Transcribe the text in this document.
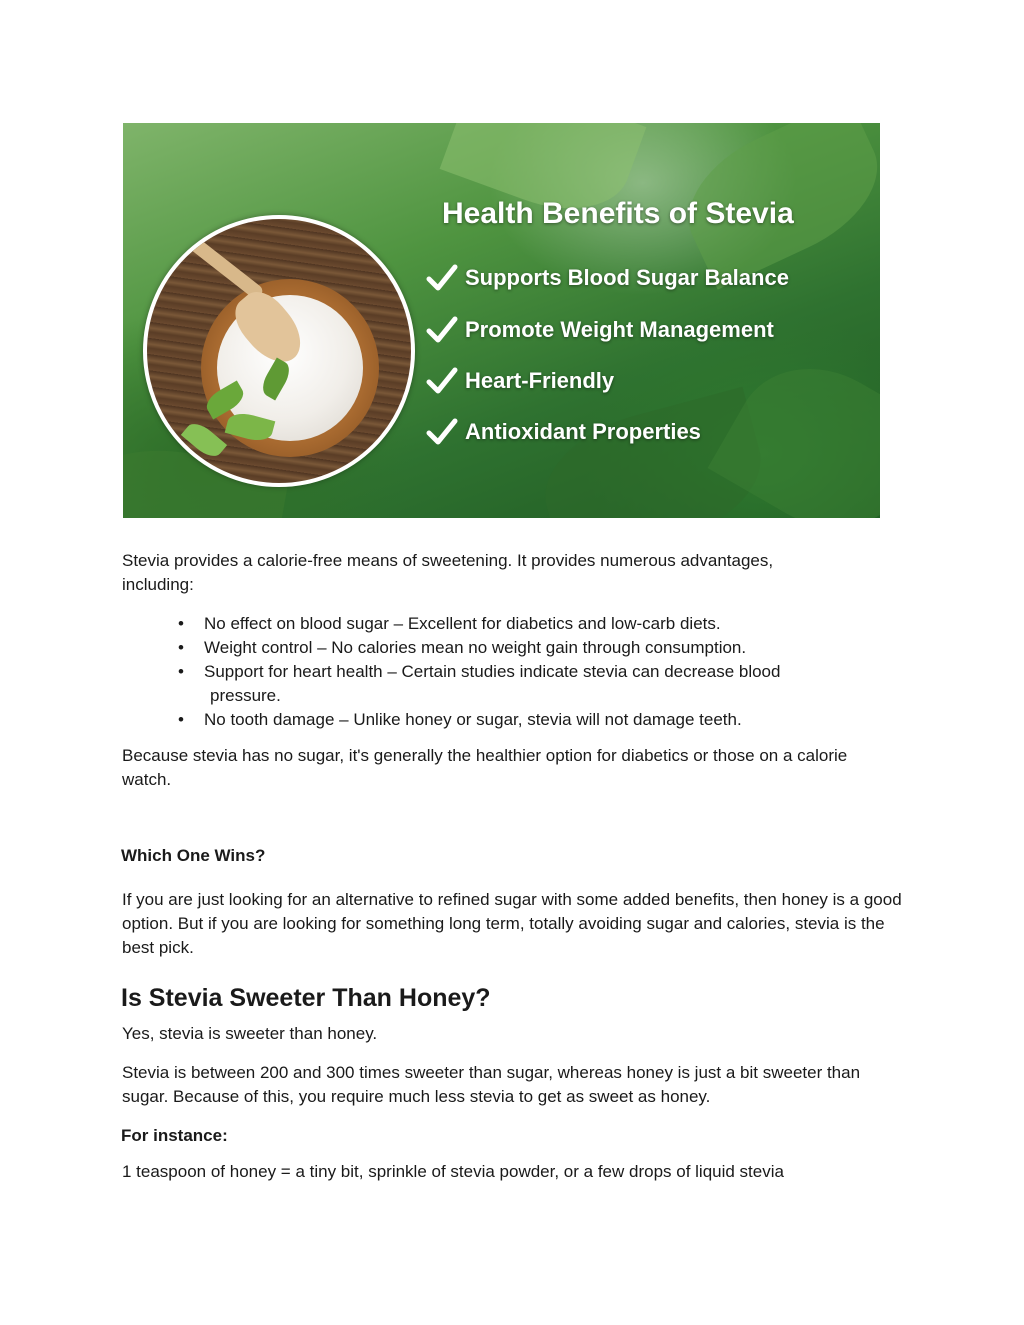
Health Benefits of Stevia
Supports Blood Sugar Balance
Promote Weight Management
Heart-Friendly
Antioxidant Properties

Stevia provides a calorie-free means of sweetening. It provides numerous advantages, including:

• No effect on blood sugar – Excellent for diabetics and low-carb diets.
• Weight control – No calories mean no weight gain through consumption.
• Support for heart health – Certain studies indicate stevia can decrease blood
pressure.
• No tooth damage – Unlike honey or sugar, stevia will not damage teeth.

Because stevia has no sugar, it's generally the healthier option for diabetics or those on a calorie watch.

Which One Wins?

If you are just looking for an alternative to refined sugar with some added benefits, then honey is a good option. But if you are looking for something long term, totally avoiding sugar and calories, stevia is the best pick.

Is Stevia Sweeter Than Honey?

Yes, stevia is sweeter than honey.

Stevia is between 200 and 300 times sweeter than sugar, whereas honey is just a bit sweeter than sugar. Because of this, you require much less stevia to get as sweet as honey.

For instance:

1 teaspoon of honey = a tiny bit, sprinkle of stevia powder, or a few drops of liquid stevia
